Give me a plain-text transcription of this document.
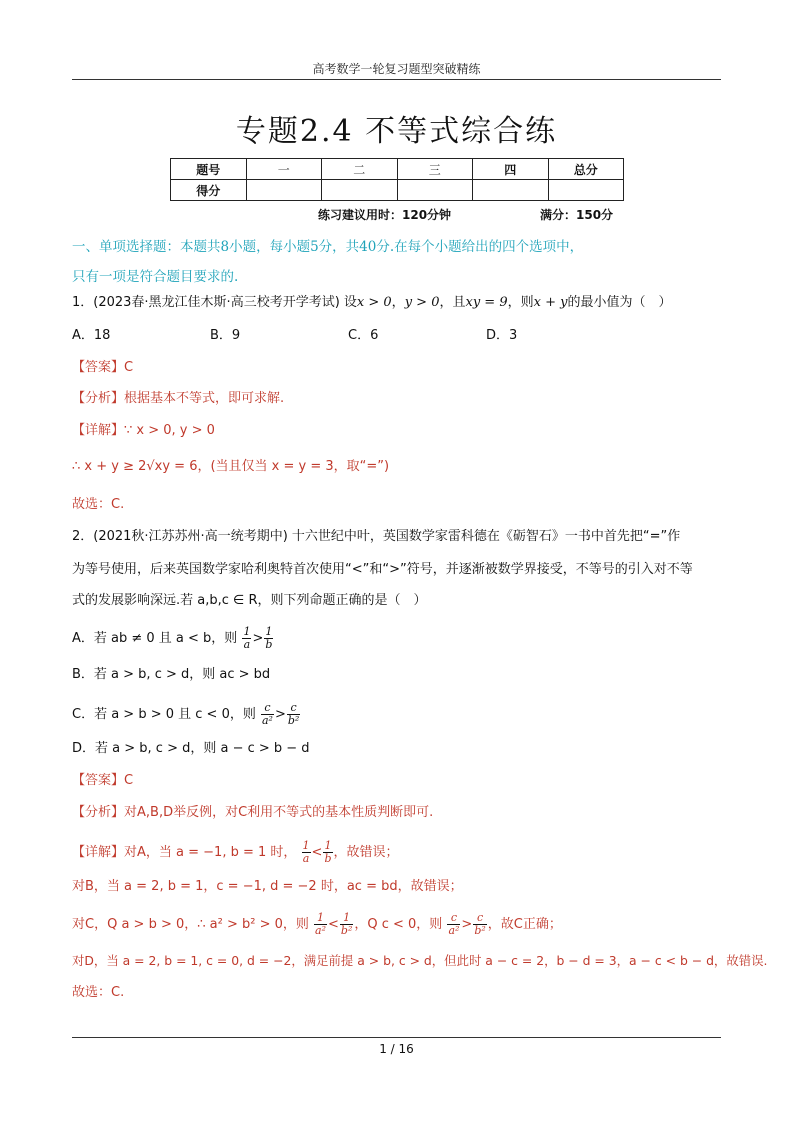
高考数学一轮复习题型突破精练
专题2.4 不等式综合练
题号	一	二	三	四	总分
得分					
练习建议用时：120分钟	满分：150分
一、单项选择题：本题共8小题，每小题5分，共40分.在每个小题给出的四个选项中，
只有一项是符合题目要求的.
1．(2023春·黑龙江佳木斯·高三校考开学考试) 设x > 0，y > 0，且xy = 9，则x + y的最小值为（　）
A．18	B．9	C．6	D．3
【答案】C
【分析】根据基本不等式，即可求解.
【详解】∵ x > 0, y > 0
∴ x + y ≥ 2√xy = 6，(当且仅当 x = y = 3，取“=”)
故选：C.
2．(2021秋·江苏苏州·高一统考期中) 十六世纪中叶，英国数学家雷科德在《砺智石》一书中首先把“=”作
为等号使用，后来英国数学家哈利奥特首次使用“<”和“>”符号，并逐渐被数学界接受，不等号的引入对不等
式的发展影响深远.若 a,b,c ∈ R，则下列命题正确的是（　）
A．若 ab ≠ 0 且 a < b，则 $\frac{1}{a} > \frac{1}{b}$
B．若 a > b, c > d，则 ac > bd
C．若 a > b > 0 且 c < 0，则 $\frac{c}{\text{a²}} > \frac{c}{\text{b²}}$
D．若 a > b, c > d，则 a − c > b − d
【答案】C
【分析】对A,B,D举反例，对C利用不等式的基本性质判断即可.
【详解】对A，当 a = −1, b = 1 时， $\frac{1}{a} < \frac{1}{b}$ ，故错误；
对B，当 a = 2, b = 1，c = −1, d = −2 时，ac = bd，故错误；
对C，Q a > b > 0，∴ a² > b² > 0，则 $\frac{1}{\text{a²}} < \frac{1}{\text{b²}}$ ，Q c < 0，则 $\frac{c}{\text{a²}} > \frac{c}{\text{b²}}$ ，故C正确；
对D，当 a = 2, b = 1, c = 0, d = −2，满足前提 a > b, c > d，但此时 a − c = 2，b − d = 3，a − c < b − d，故错误.
故选：C.
1 / 16
